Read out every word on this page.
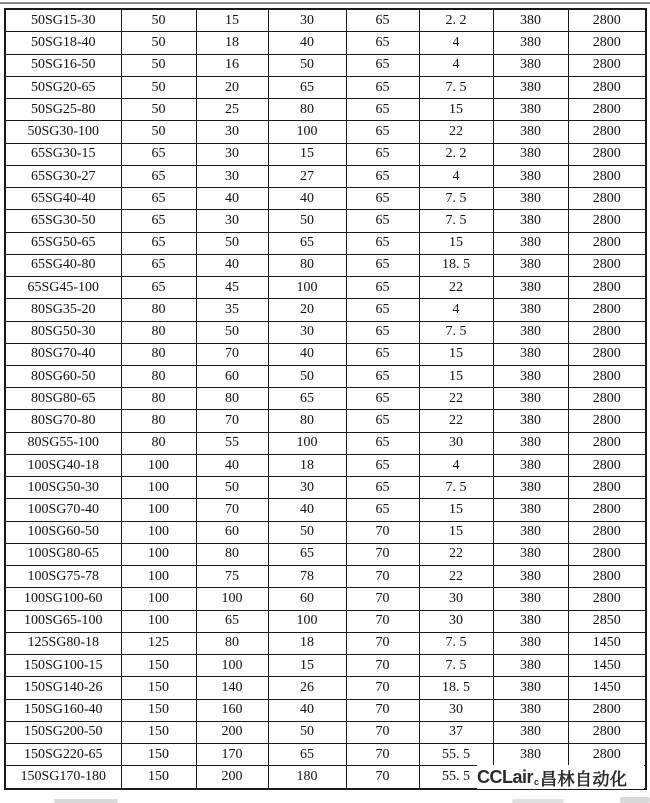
50SG15-30	50	15	30	65	2. 2	380	2800
50SG18-40	50	18	40	65	4	380	2800
50SG16-50	50	16	50	65	4	380	2800
50SG20-65	50	20	65	65	7. 5	380	2800
50SG25-80	50	25	80	65	15	380	2800
50SG30-100	50	30	100	65	22	380	2800
65SG30-15	65	30	15	65	2. 2	380	2800
65SG30-27	65	30	27	65	4	380	2800
65SG40-40	65	40	40	65	7. 5	380	2800
65SG30-50	65	30	50	65	7. 5	380	2800
65SG50-65	65	50	65	65	15	380	2800
65SG40-80	65	40	80	65	18. 5	380	2800
65SG45-100	65	45	100	65	22	380	2800
80SG35-20	80	35	20	65	4	380	2800
80SG50-30	80	50	30	65	7. 5	380	2800
80SG70-40	80	70	40	65	15	380	2800
80SG60-50	80	60	50	65	15	380	2800
80SG80-65	80	80	65	65	22	380	2800
80SG70-80	80	70	80	65	22	380	2800
80SG55-100	80	55	100	65	30	380	2800
100SG40-18	100	40	18	65	4	380	2800
100SG50-30	100	50	30	65	7. 5	380	2800
100SG70-40	100	70	40	65	15	380	2800
100SG60-50	100	60	50	70	15	380	2800
100SG80-65	100	80	65	70	22	380	2800
100SG75-78	100	75	78	70	22	380	2800
100SG100-60	100	100	60	70	30	380	2800
100SG65-100	100	65	100	70	30	380	2850
125SG80-18	125	80	18	70	7. 5	380	1450
150SG100-15	150	100	15	70	7. 5	380	1450
150SG140-26	150	140	26	70	18. 5	380	1450
150SG160-40	150	160	40	70	30	380	2800
150SG200-50	150	200	50	70	37	380	2800
150SG220-65	150	170	65	70	55. 5	380	2800
150SG170-180	150	200	180	70	55. 5		CCLair c 昌林自动化
